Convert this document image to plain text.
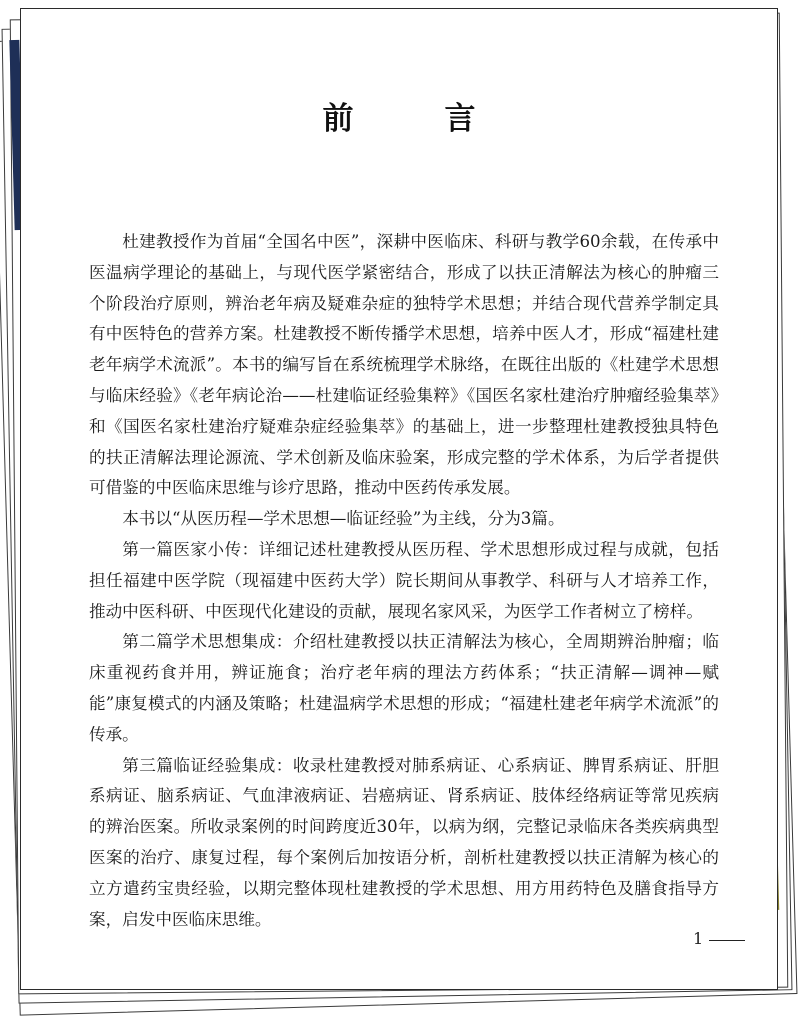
前　言

杜建教授作为首届“全国名中医”，深耕中医临床、科研与教学60余载，在传承中医温病学理论的基础上，与现代医学紧密结合，形成了以扶正清解法为核心的肿瘤三个阶段治疗原则，辨治老年病及疑难杂症的独特学术思想；并结合现代营养学制定具有中医特色的营养方案。杜建教授不断传播学术思想，培养中医人才，形成“福建杜建老年病学术流派”。本书的编写旨在系统梳理学术脉络，在既往出版的《杜建学术思想与临床经验》《老年病论治——杜建临证经验集粹》《国医名家杜建治疗肿瘤经验集萃》和《国医名家杜建治疗疑难杂症经验集萃》的基础上，进一步整理杜建教授独具特色的扶正清解法理论源流、学术创新及临床验案，形成完整的学术体系，为后学者提供可借鉴的中医临床思维与诊疗思路，推动中医药传承发展。

本书以“从医历程—学术思想—临证经验”为主线，分为3篇。

第一篇医家小传：详细记述杜建教授从医历程、学术思想形成过程与成就，包括担任福建中医学院（现福建中医药大学）院长期间从事教学、科研与人才培养工作，推动中医科研、中医现代化建设的贡献，展现名家风采，为医学工作者树立了榜样。

第二篇学术思想集成：介绍杜建教授以扶正清解法为核心，全周期辨治肿瘤；临床重视药食并用，辨证施食；治疗老年病的理法方药体系；“扶正清解—调神—赋能”康复模式的内涵及策略；杜建温病学术思想的形成；“福建杜建老年病学术流派”的传承。

第三篇临证经验集成：收录杜建教授对肺系病证、心系病证、脾胃系病证、肝胆系病证、脑系病证、气血津液病证、岩癌病证、肾系病证、肢体经络病证等常见疾病的辨治医案。所收录案例的时间跨度近30年，以病为纲，完整记录临床各类疾病典型医案的治疗、康复过程，每个案例后加按语分析，剖析杜建教授以扶正清解为核心的立方遣药宝贵经验，以期完整体现杜建教授的学术思想、用方用药特色及膳食指导方案，启发中医临床思维。

1
